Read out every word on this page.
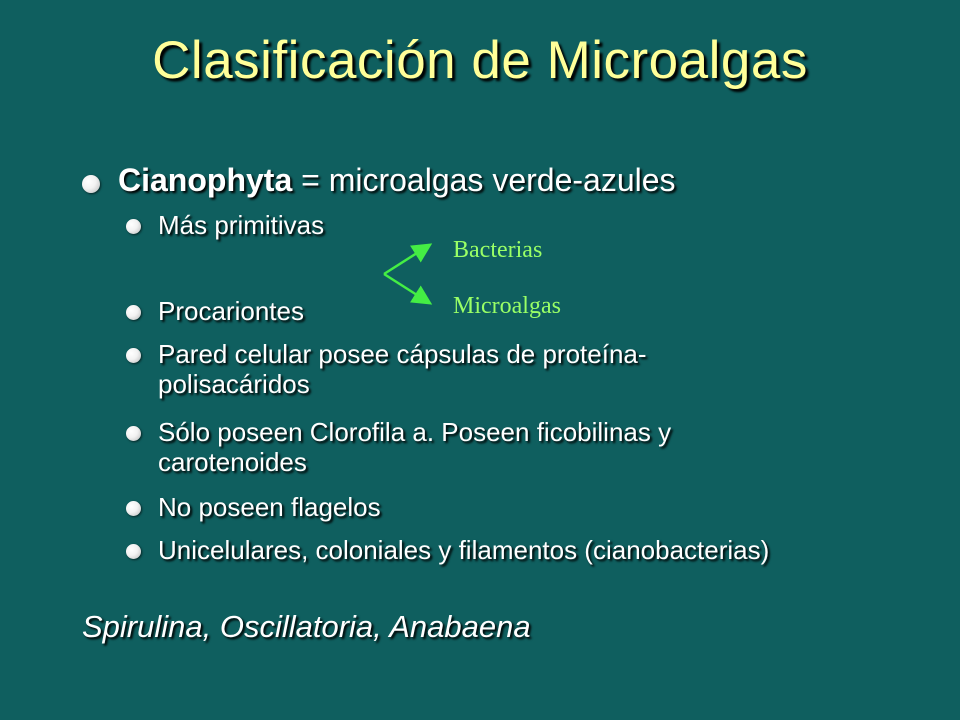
Clasificación de Microalgas
Cianophyta = microalgas verde-azules
Más primitivas
Procariontes
Pared celular posee cápsulas de proteína-polisacáridos
Sólo poseen Clorofila a. Poseen ficobilinas y carotenoides
No poseen flagelos
Unicelulares, coloniales y filamentos (cianobacterias)
Bacterias
Microalgas
Spirulina, Oscillatoria, Anabaena
